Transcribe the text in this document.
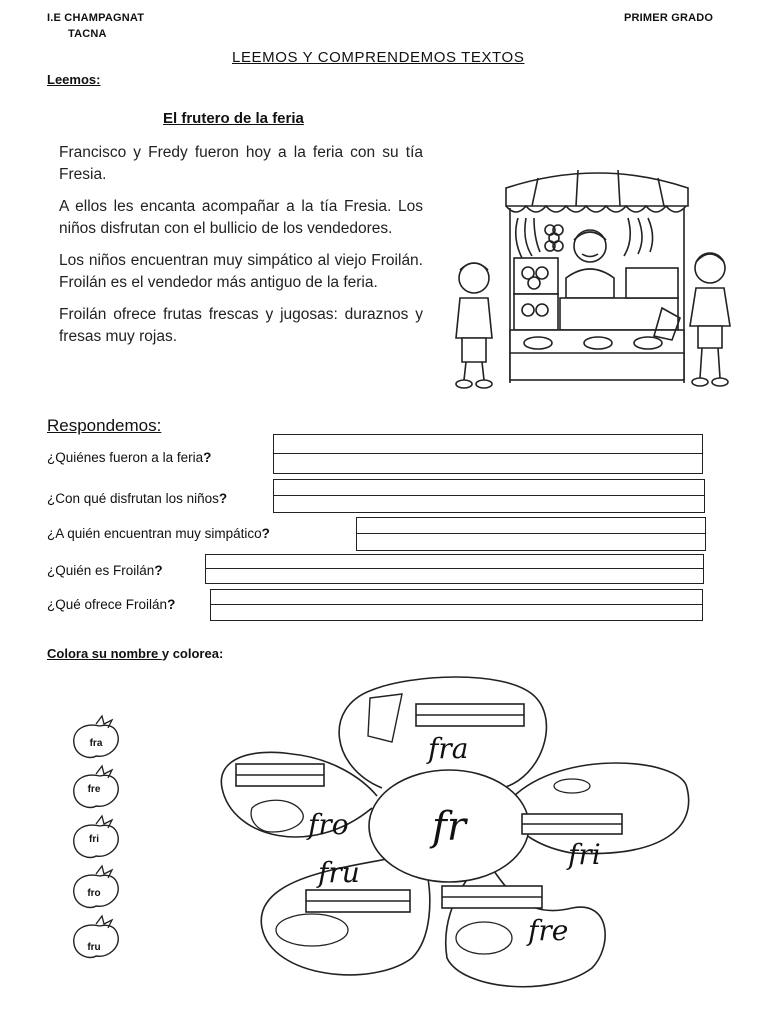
I.E CHAMPAGNAT
TACNA
PRIMER GRADO
LEEMOS Y COMPRENDEMOS TEXTOS
Leemos:
El frutero de la feria

Francisco y Fredy fueron hoy a la feria con su tía Fresia.

A ellos les encanta acompañar a la tía Fresia. Los niños disfrutan con el bullicio de los vendedores.

Los niños encuentran muy simpático al viejo Froilán. Froilán es el vendedor más antiguo de la feria.

Froilán ofrece frutas frescas y jugosas: duraznos y fresas muy rojas.

Respondemos:
¿Quiénes fueron a la feria?
¿Con qué disfrutan los niños?
¿A quién encuentran muy simpático?
¿Quién es Froilán?
¿Qué ofrece Froilán?
Colora su nombre y colorea:
fra
fre
fri
fro
fru
fra
fro
fri
fru
fre
fr
